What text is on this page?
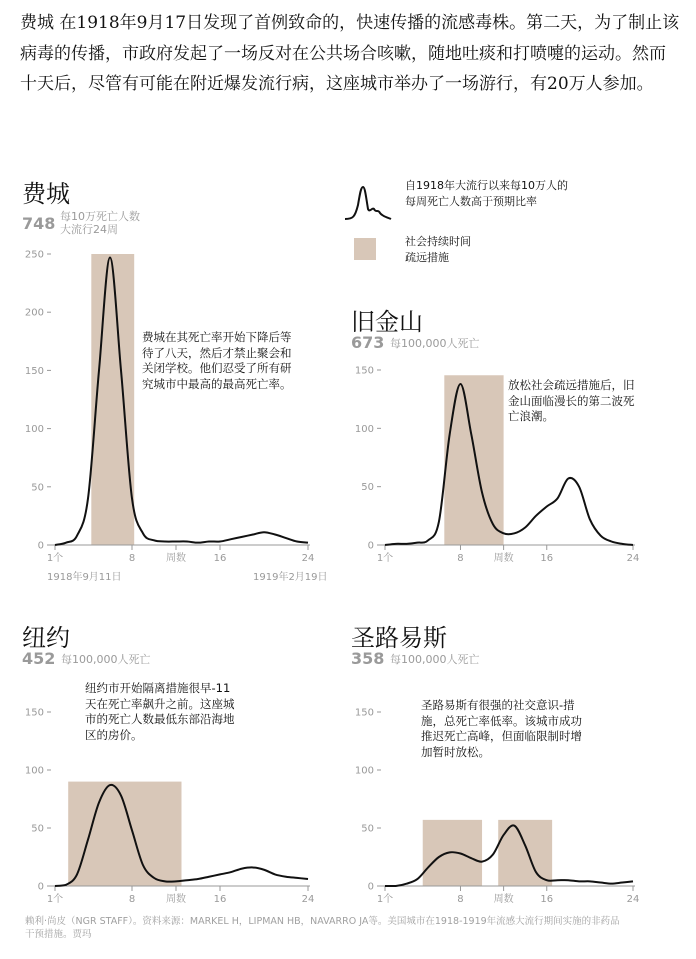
费城 在1918年9月17日发现了首例致命的，快速传播的流感毒株。第二天，为了制止该病毒的传播，市政府发起了一场反对在公共场合咳嗽，随地吐痰和打喷嚏的运动。然而十天后，尽管有可能在附近爆发流行病，这座城市举办了一场游行，有20万人参加。

自1918年大流行以来每10万人的
每周死亡人数高于预期比率
社会持续时间
疏远措施
费城
748 每10万死亡人数
大流行24周
250
200
150
100
50
0
1个	8	周数	16	24
费城在其死亡率开始下降后等待了八天，然后才禁止聚会和关闭学校。他们忍受了所有研究城市中最高的最高死亡率。
1918年9月11日	1919年2月19日
旧金山
673 每100,000人死亡
150
100
50
0
1个	8	周数	16	24
放松社会疏远措施后，旧金山面临漫长的第二波死亡浪潮。
纽约
452 每100,000人死亡
150
100
50
0
1个	8	周数	16	24
纽约市开始隔离措施很早-11天在死亡率飙升之前。这座城市的死亡人数最低东部沿海地区的房价。
圣路易斯
358 每100,000人死亡
150
100
50
0
1个	8	周数	16	24
圣路易斯有很强的社交意识-措施，总死亡率低率。该城市成功推迟死亡高峰，但面临限制时增加暂时放松。
赖利·尚皮（NGR STAFF）。资料来源：MARKEL H，LIPMAN HB，NAVARRO JA等。美国城市在1918-1919年流感大流行期间实施的非药品干预措施。贾玛
